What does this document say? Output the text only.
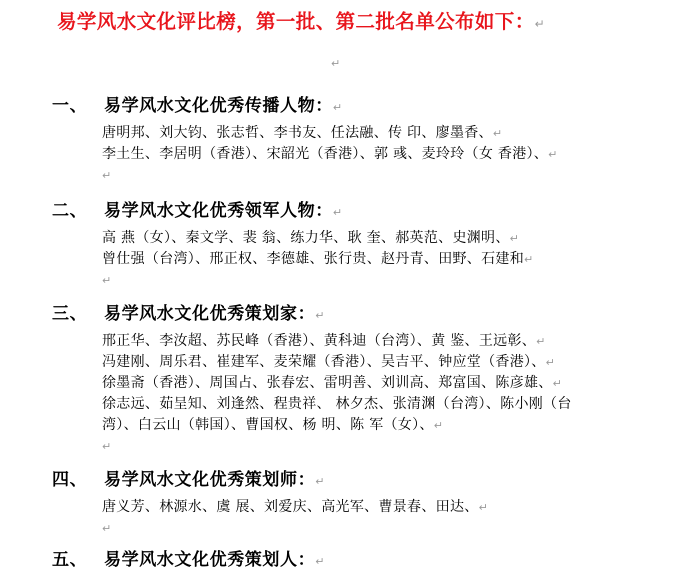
易学风水文化评比榜，第一批、第二批名单公布如下：↵
↵
一、 易学风水文化优秀传播人物：↵
唐明邦、刘大钧、张志哲、李书友、任法融、传 印、廖墨香、↵
李土生、李居明（香港）、宋韶光（香港）、郭 彧、麦玲玲（女 香港）、↵
↵
二、 易学风水文化优秀领军人物：↵
高 燕（女）、秦文学、裴 翁、练力华、耿 奎、郝英范、史渊明、↵
曾仕强（台湾）、邢正权、李德雄、张行贵、赵丹青、田野、石建和↵
↵
三、 易学风水文化优秀策划家：↵
邢正华、李汝超、苏民峰（香港）、黄科迪（台湾）、黄 鉴、王远彰、↵
冯建刚、周乐君、崔建军、麦荣耀（香港）、吴吉平、钟应堂（香港）、↵
徐墨斋（香港）、周国占、张春宏、雷明善、刘训高、郑富国、陈彦雄、↵
徐志远、茹呈知、刘逢然、程贵祥、 林夕杰、张清渊（台湾）、陈小刚（台
湾）、白云山（韩国）、曹国权、杨 明、陈 军（女）、↵
↵
四、 易学风水文化优秀策划师：↵
唐义芳、林源水、虞 展、刘爱庆、高光军、曹景春、田达、↵
↵
五、 易学风水文化优秀策划人：↵
